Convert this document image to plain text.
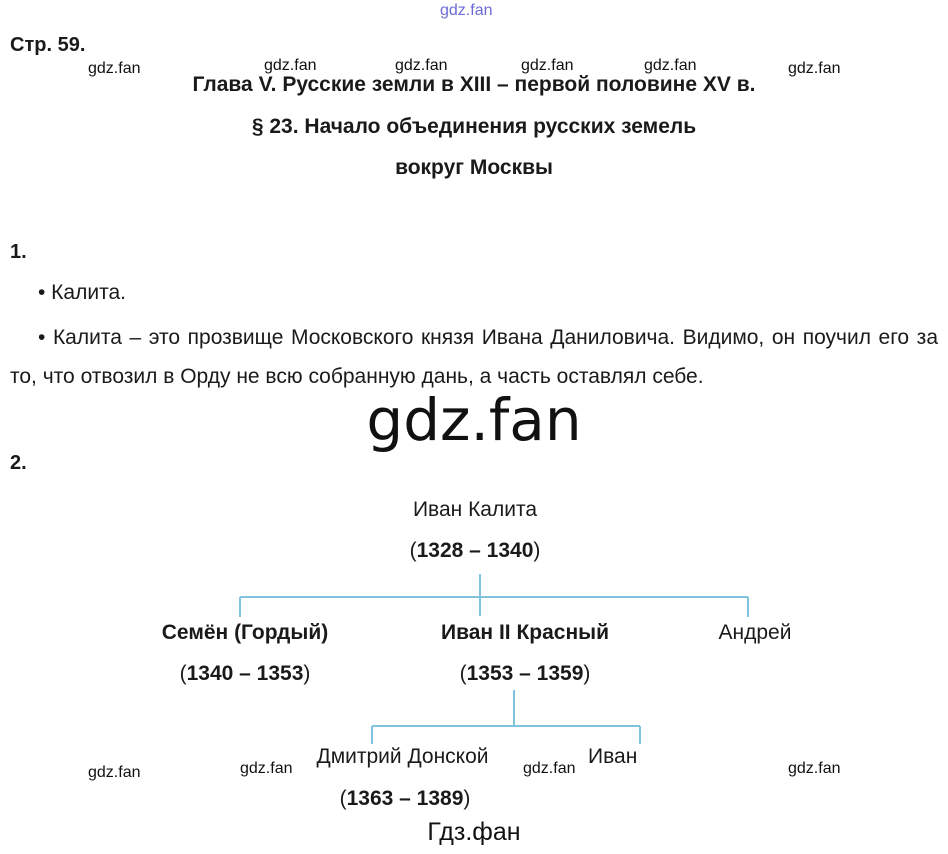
gdz.fan
gdz.fan	gdz.fan	gdz.fan	gdz.fan	gdz.fan	gdz.fan
gdz.fan	gdz.fan	gdz.fan	gdz.fan
Стр. 59.
Глава V. Русские земли в XIII – первой половине XV в.
§ 23. Начало объединения русских земель
вокруг Москвы
1.
• Калита.
• Калита – это прозвище Московского князя Ивана Даниловича. Видимо, он поучил его за то, что отвозил в Орду не всю собранную дань, а часть оставлял себе.
gdz.fan
2.
Иван Калита
(1328 – 1340)
Семён (Гордый)
(1340 – 1353)
Иван II Красный
(1353 – 1359)
Андрей
Дмитрий Донской
(1363 – 1389)
Иван
Гдз.фан
